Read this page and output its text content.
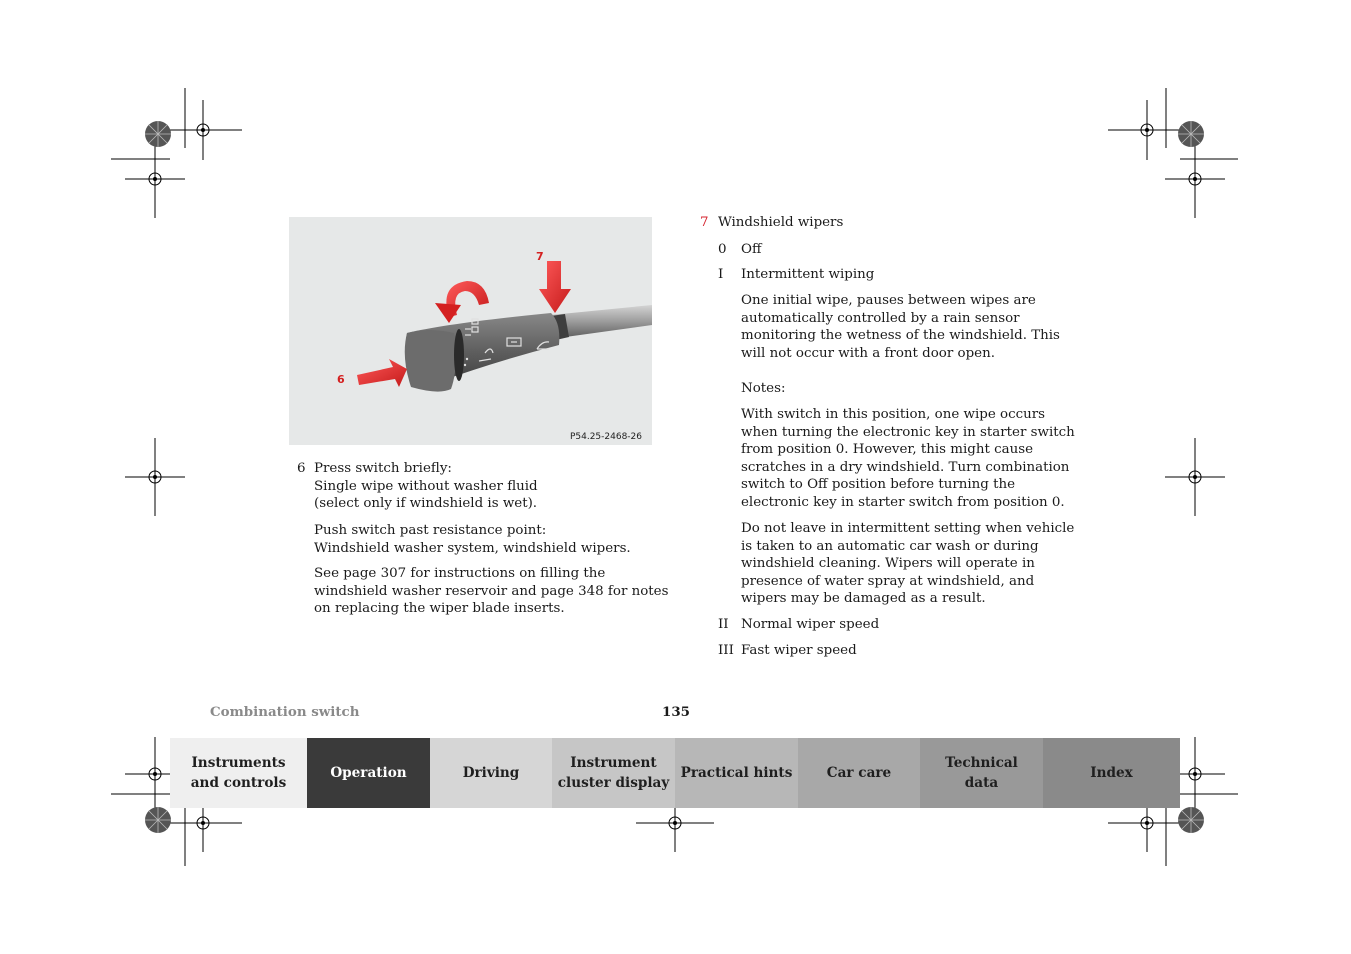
6
7
P54.25-2468-26
6 Press switch briefly:
Single wipe without washer fluid
(select only if windshield is wet).
Push switch past resistance point:
Windshield washer system, windshield wipers.
See page 307 for instructions on filling the
windshield washer reservoir and page 348 for notes
on replacing the wiper blade inserts.
7 Windshield wipers
0 Off
I Intermittent wiping
One initial wipe, pauses between wipes are
automatically controlled by a rain sensor
monitoring the wetness of the windshield. This
will not occur with a front door open.
Notes:
With switch in this position, one wipe occurs
when turning the electronic key in starter switch
from position 0. However, this might cause
scratches in a dry windshield. Turn combination
switch to Off position before turning the
electronic key in starter switch from position 0.
Do not leave in intermittent setting when vehicle
is taken to an automatic car wash or during
windshield cleaning. Wipers will operate in
presence of water spray at windshield, and
wipers may be damaged as a result.
II Normal wiper speed
III Fast wiper speed
Combination switch	135
Instruments
and controls
Operation	Driving
Instrument
cluster display
Practical hints	Car care
Technical
data
Index
